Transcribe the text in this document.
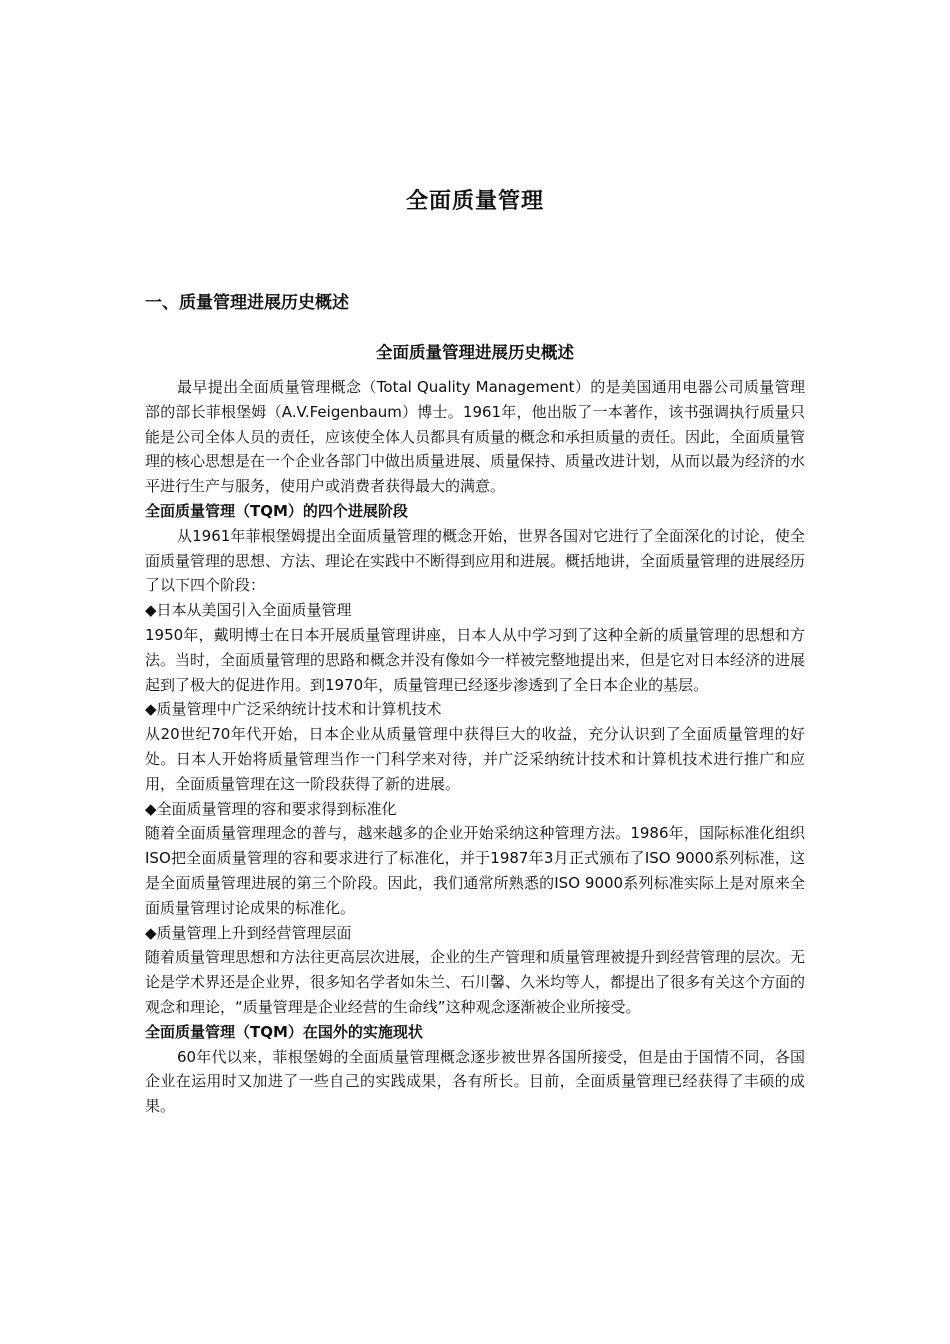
全面质量管理
一、质量管理进展历史概述
全面质量管理进展历史概述

最早提出全面质量管理概念（Total Quality Management）的是美国通用电器公司质量管理部的部长菲根堡姆（A.V.Feigenbaum）博士。1961年，他出版了一本著作，该书强调执行质量只能是公司全体人员的责任，应该使全体人员都具有质量的概念和承担质量的责任。因此，全面质量管理的核心思想是在一个企业各部门中做出质量进展、质量保持、质量改进计划，从而以最为经济的水平进行生产与服务，使用户或消费者获得最大的满意。

全面质量管理（TQM）的四个进展阶段

从1961年菲根堡姆提出全面质量管理的概念开始，世界各国对它进行了全面深化的讨论，使全面质量管理的思想、方法、理论在实践中不断得到应用和进展。概括地讲，全面质量管理的进展经历了以下四个阶段：

◆日本从美国引入全面质量管理

1950年，戴明博士在日本开展质量管理讲座，日本人从中学习到了这种全新的质量管理的思想和方法。当时，全面质量管理的思路和概念并没有像如今一样被完整地提出来，但是它对日本经济的进展起到了极大的促进作用。到1970年，质量管理已经逐步渗透到了全日本企业的基层。

◆质量管理中广泛采纳统计技术和计算机技术

从20世纪70年代开始，日本企业从质量管理中获得巨大的收益，充分认识到了全面质量管理的好处。日本人开始将质量管理当作一门科学来对待，并广泛采纳统计技术和计算机技术进行推广和应用，全面质量管理在这一阶段获得了新的进展。

◆全面质量管理的容和要求得到标准化

随着全面质量管理理念的普与，越来越多的企业开始采纳这种管理方法。1986年，国际标准化组织ISO把全面质量管理的容和要求进行了标准化，并于1987年3月正式颁布了ISO 9000系列标准，这是全面质量管理进展的第三个阶段。因此，我们通常所熟悉的ISO 9000系列标准实际上是对原来全面质量管理讨论成果的标准化。

◆质量管理上升到经营管理层面

随着质量管理思想和方法往更高层次进展，企业的生产管理和质量管理被提升到经营管理的层次。无论是学术界还是企业界，很多知名学者如朱兰、石川馨、久米均等人，都提出了很多有关这个方面的观念和理论，“质量管理是企业经营的生命线”这种观念逐渐被企业所接受。

全面质量管理（TQM）在国外的实施现状

60年代以来，菲根堡姆的全面质量管理概念逐步被世界各国所接受，但是由于国情不同，各国企业在运用时又加进了一些自己的实践成果，各有所长。目前，全面质量管理已经获得了丰硕的成果。
